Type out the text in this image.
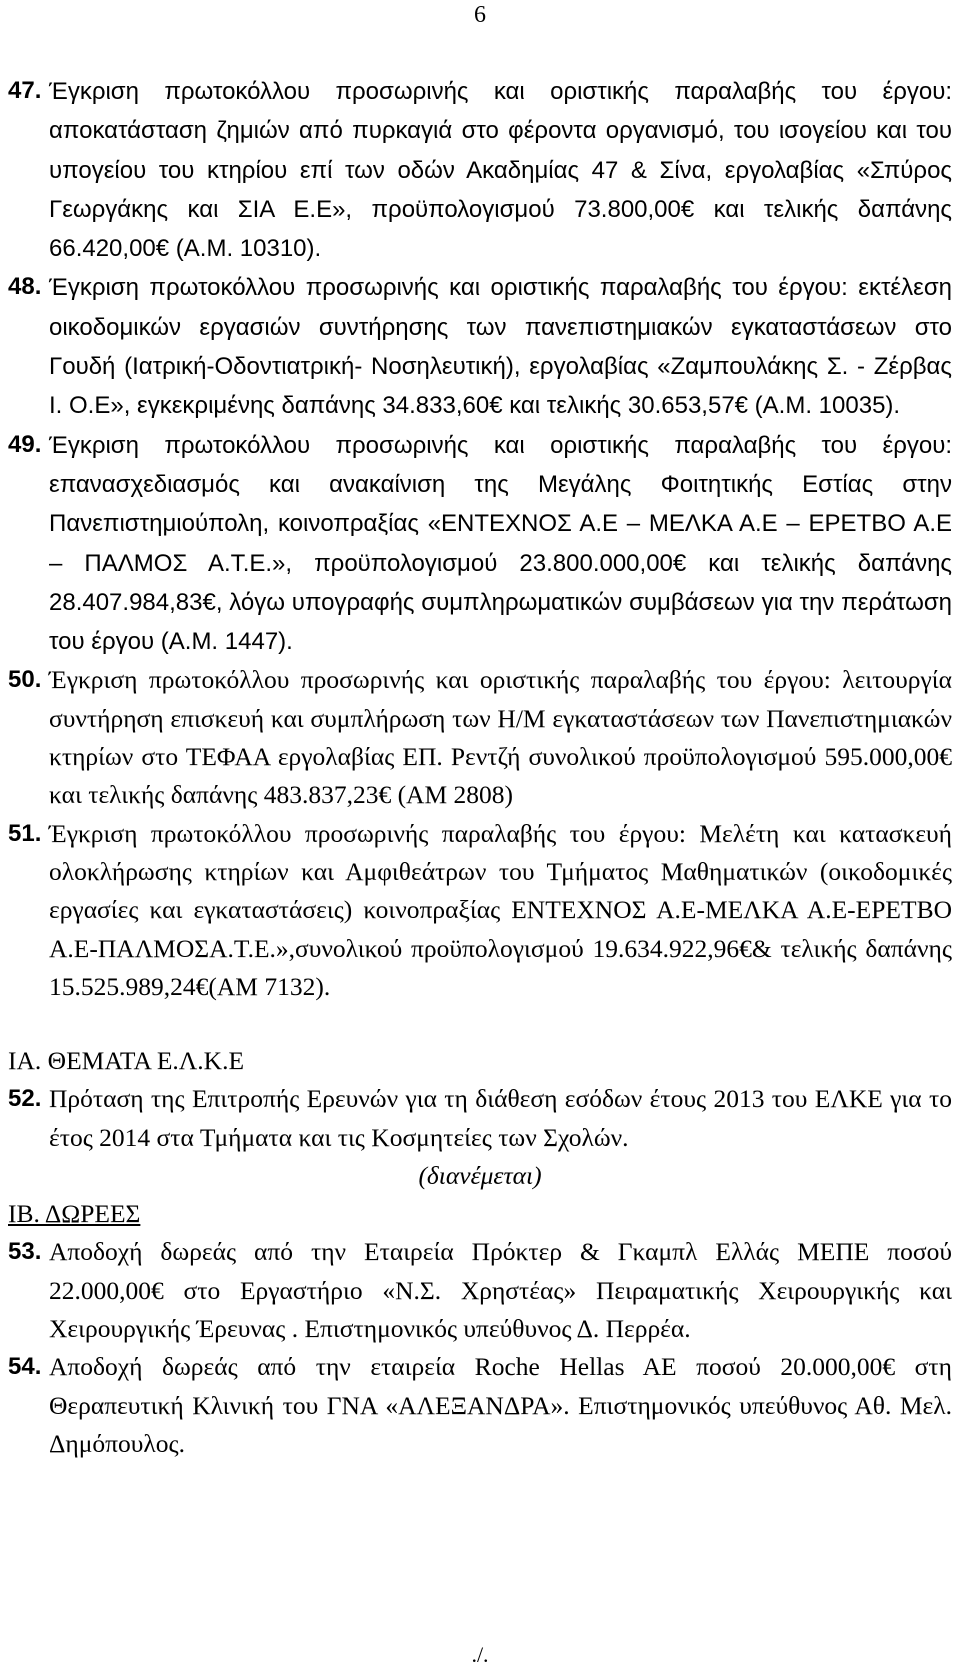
6
47. Έγκριση πρωτοκόλλου προσωρινής και οριστικής παραλαβής του έργου: αποκατάσταση ζημιών από πυρκαγιά στο φέροντα οργανισμό, του ισογείου και του υπογείου του κτηρίου επί των οδών Ακαδημίας 47 & Σίνα, εργολαβίας «Σπύρος Γεωργάκης και ΣΙΑ Ε.Ε», προϋπολογισμού 73.800,00€ και τελικής δαπάνης 66.420,00€ (Α.Μ. 10310).
48. Έγκριση πρωτοκόλλου προσωρινής και οριστικής παραλαβής του έργου: εκτέλεση οικοδομικών εργασιών συντήρησης των πανεπιστημιακών εγκαταστάσεων στο Γουδή (Ιατρική-Οδοντιατρική- Νοσηλευτική), εργολαβίας «Ζαμπουλάκης Σ. - Ζέρβας Ι. Ο.Ε», εγκεκριμένης δαπάνης 34.833,60€ και τελικής 30.653,57€ (Α.Μ. 10035).
49. Έγκριση πρωτοκόλλου προσωρινής και οριστικής παραλαβής του έργου: επανασχεδιασμός και ανακαίνιση της Μεγάλης Φοιτητικής Εστίας στην Πανεπιστημιούπολη, κοινοπραξίας «ΕΝΤΕΧΝΟΣ Α.Ε – ΜΕΛΚΑ Α.Ε – ΕΡΕΤΒΟ Α.Ε – ΠΑΛΜΟΣ Α.Τ.Ε.», προϋπολογισμού 23.800.000,00€ και τελικής δαπάνης 28.407.984,83€, λόγω υπογραφής συμπληρωματικών συμβάσεων για την περάτωση του έργου (Α.Μ. 1447).
50. Έγκριση πρωτοκόλλου προσωρινής και οριστικής παραλαβής του έργου: λειτουργία συντήρηση επισκευή και συμπλήρωση των Η/Μ εγκαταστάσεων των Πανεπιστημιακών κτηρίων στο ΤΕΦΑΑ εργολαβίας ΕΠ. Ρεντζή συνολικού προϋπολογισμού 595.000,00€ και τελικής δαπάνης 483.837,23€ (ΑΜ 2808)
51. Έγκριση πρωτοκόλλου προσωρινής παραλαβής του έργου: Μελέτη και κατασκευή ολοκλήρωσης κτηρίων και Αμφιθεάτρων του Τμήματος Μαθηματικών (οικοδομικές εργασίες και εγκαταστάσεις) κοινοπραξίας ΕΝΤΕΧΝΟΣ Α.Ε-ΜΕΛΚΑ Α.Ε-ΕΡΕΤΒΟ Α.Ε-ΠΑΛΜΟΣΑ.Τ.Ε.»,συνολικού προϋπολογισμού 19.634.922,96€& τελικής δαπάνης 15.525.989,24€(ΑΜ 7132).
ΙΑ. ΘΕΜΑΤΑ Ε.Λ.Κ.Ε
52. Πρόταση της Επιτροπής Ερευνών για τη διάθεση εσόδων έτους 2013 του ΕΛΚΕ για το έτος 2014 στα Τμήματα και τις Κοσμητείες των Σχολών.
(διανέμεται)
ΙΒ. ΔΩΡΕΕΣ
53. Αποδοχή δωρεάς από την Εταιρεία Πρόκτερ & Γκαμπλ Ελλάς ΜΕΠΕ ποσού 22.000,00€ στο Εργαστήριο «Ν.Σ. Χρηστέας» Πειραματικής Χειρουργικής και Χειρουργικής Έρευνας . Επιστημονικός υπεύθυνος Δ. Περρέα.
54. Αποδοχή δωρεάς από την εταιρεία Roche Hellas AE ποσού 20.000,00€ στη Θεραπευτική Κλινική του ΓΝΑ «ΑΛΕΞΑΝΔΡΑ». Επιστημονικός υπεύθυνος Αθ. Μελ. Δημόπουλος.
./.
